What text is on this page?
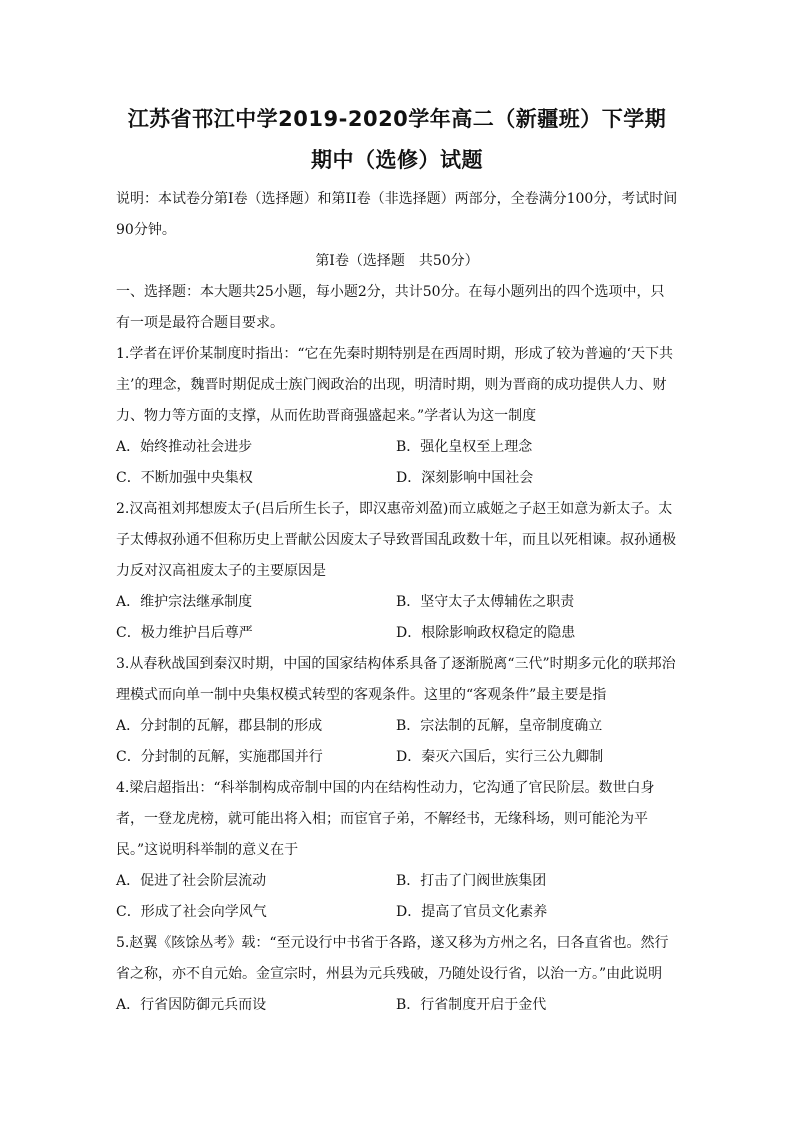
江苏省邗江中学2019-2020学年高二（新疆班）下学期
期中（选修）试题

说明：本试卷分第Ⅰ卷（选择题）和第II卷（非选择题）两部分，全卷满分100分，考试时间90分钟。

第Ⅰ卷（选择题　共50分）

一、选择题：本大题共25小题，每小题2分，共计50分。在每小题列出的四个选项中，只有一项是最符合题目要求。

1.学者在评价某制度时指出：“它在先秦时期特别是在西周时期，形成了较为普遍的‘天下共主’的理念，魏晋时期促成士族门阀政治的出现，明清时期，则为晋商的成功提供人力、财力、物力等方面的支撑，从而佐助晋商强盛起来。”学者认为这一制度

A．始终推动社会进步	B．强化皇权至上理念
C．不断加强中央集权	D．深刻影响中国社会

2.汉高祖刘邦想废太子(吕后所生长子，即汉惠帝刘盈)而立戚姬之子赵王如意为新太子。太子太傅叔孙通不但称历史上晋献公因废太子导致晋国乱政数十年，而且以死相谏。叔孙通极力反对汉高祖废太子的主要原因是

A．维护宗法继承制度	B．坚守太子太傅辅佐之职责
C．极力维护吕后尊严	D．根除影响政权稳定的隐患

3.从春秋战国到秦汉时期，中国的国家结构体系具备了逐渐脱离“三代”时期多元化的联邦治理模式而向单一制中央集权模式转型的客观条件。这里的“客观条件”最主要是指

A．分封制的瓦解，郡县制的形成	B．宗法制的瓦解，皇帝制度确立
C．分封制的瓦解，实施郡国并行	D．秦灭六国后，实行三公九卿制

4.梁启超指出：“科举制构成帝制中国的内在结构性动力，它沟通了官民阶层。数世白身者，一登龙虎榜，就可能出将入相；而宦官子弟，不解经书，无缘科场，则可能沦为平民。”这说明科举制的意义在于

A．促进了社会阶层流动	B．打击了门阀世族集团
C．形成了社会向学风气	D．提高了官员文化素养

5.赵翼《陔馀丛考》载：“至元设行中书省于各路，遂又移为方州之名，曰各直省也。然行省之称，亦不自元始。金宣宗时，州县为元兵残破，乃随处设行省，以治一方。”由此说明

A．行省因防御元兵而设	B．行省制度开启于金代
